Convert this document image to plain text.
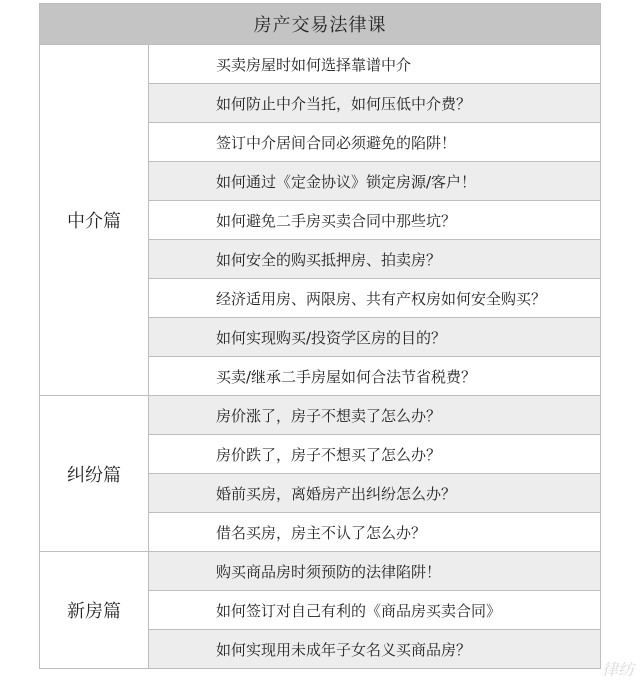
房产交易法律课	
中介篇	买卖房屋时如何选择靠谱中介
	如何防止中介当托，如何压低中介费？
	签订中介居间合同必须避免的陷阱！
	如何通过《定金协议》锁定房源/客户！
	如何避免二手房买卖合同中那些坑？
	如何安全的购买抵押房、拍卖房？
	经济适用房、两限房、共有产权房如何安全购买？
	如何实现购买/投资学区房的目的？
	买卖/继承二手房屋如何合法节省税费？
纠纷篇	房价涨了，房子不想卖了怎么办？
	房价跌了，房子不想买了怎么办？
	婚前买房，离婚房产出纠纷怎么办？
	借名买房，房主不认了怎么办？
新房篇	购买商品房时须预防的法律陷阱！
	如何签订对自己有利的《商品房买卖合同》
	如何实现用未成年子女名义买商品房？
律纺
